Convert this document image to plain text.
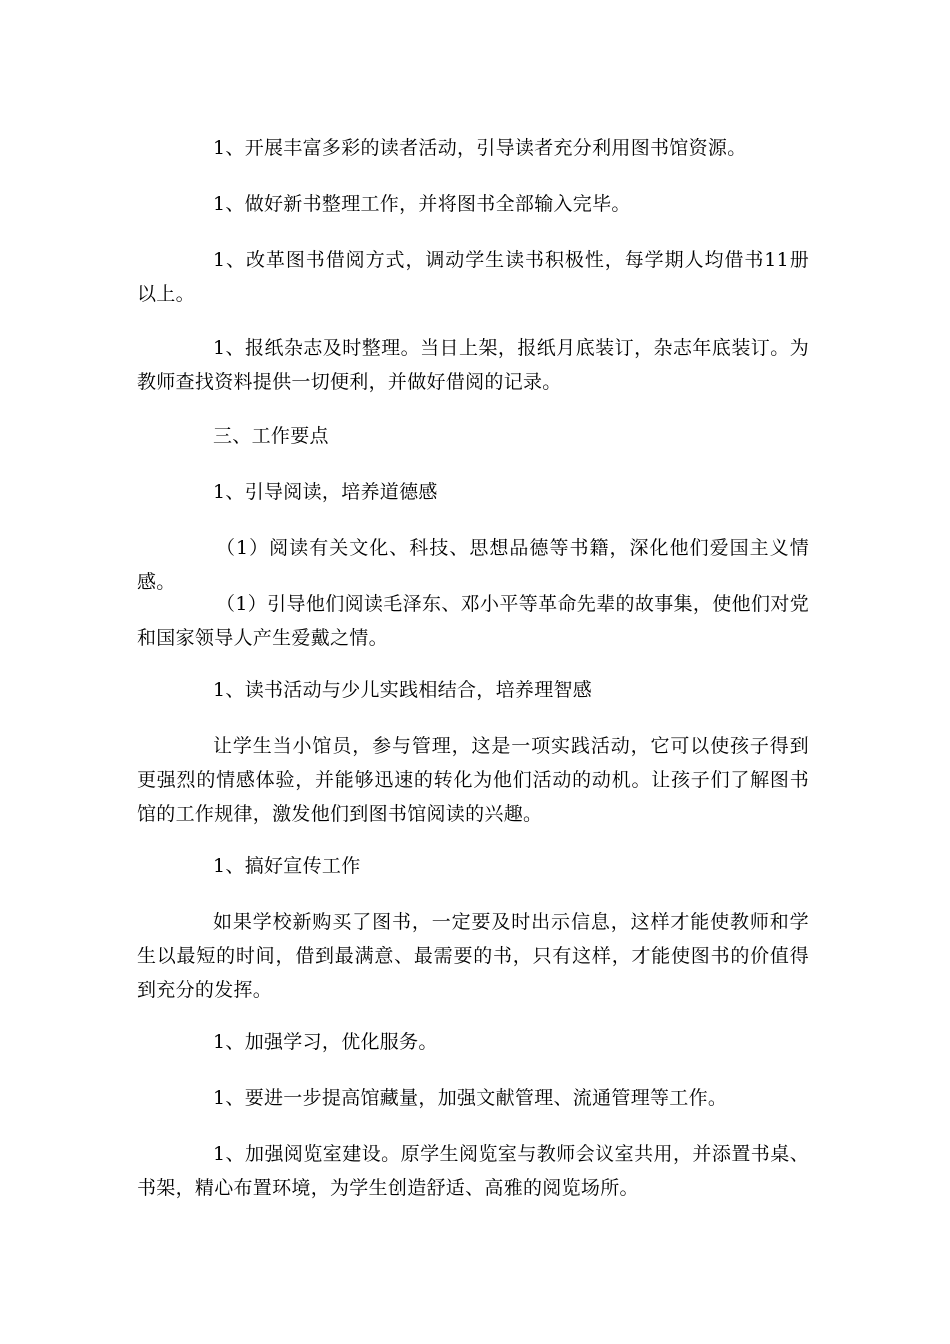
1、开展丰富多彩的读者活动，引导读者充分利用图书馆资源。

1、做好新书整理工作，并将图书全部输入完毕。

1、改革图书借阅方式，调动学生读书积极性，每学期人均借书11册以上。

1、报纸杂志及时整理。当日上架，报纸月底装订，杂志年底装订。为教师查找资料提供一切便利，并做好借阅的记录。

三、工作要点

1、引导阅读，培养道德感

（1）阅读有关文化、科技、思想品德等书籍，深化他们爱国主义情感。

（1）引导他们阅读毛泽东、邓小平等革命先辈的故事集，使他们对党和国家领导人产生爱戴之情。

1、读书活动与少儿实践相结合，培养理智感

让学生当小馆员，参与管理，这是一项实践活动，它可以使孩子得到更强烈的情感体验，并能够迅速的转化为他们活动的动机。让孩子们了解图书馆的工作规律，激发他们到图书馆阅读的兴趣。

1、搞好宣传工作

如果学校新购买了图书，一定要及时出示信息，这样才能使教师和学生以最短的时间，借到最满意、最需要的书，只有这样，才能使图书的价值得到充分的发挥。

1、加强学习，优化服务。

1、要进一步提高馆藏量，加强文献管理、流通管理等工作。

1、加强阅览室建设。原学生阅览室与教师会议室共用，并添置书桌、书架，精心布置环境，为学生创造舒适、高雅的阅览场所。
